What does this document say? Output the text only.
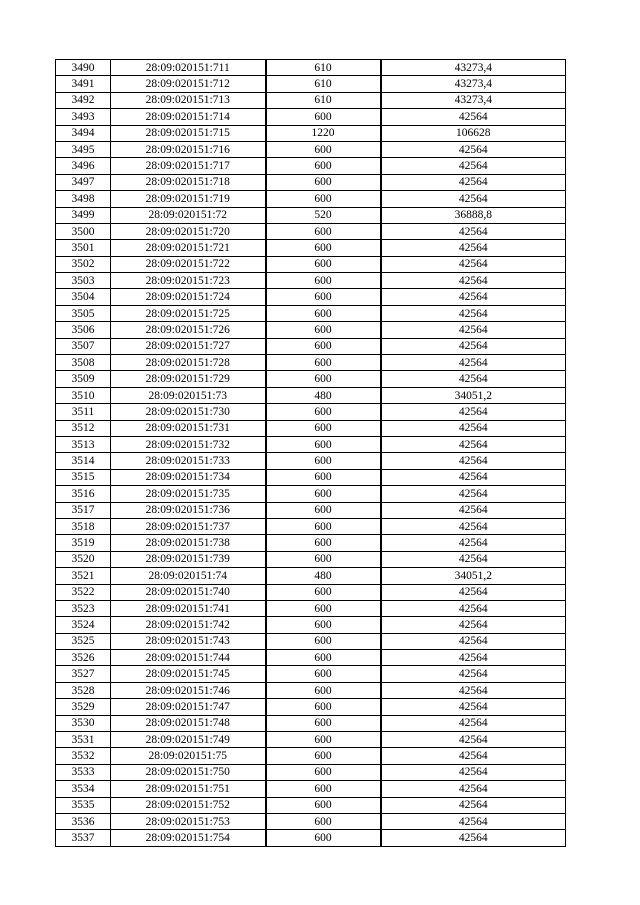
3490	28:09:020151:711	610	43273,4
3491	28:09:020151:712	610	43273,4
3492	28:09:020151:713	610	43273,4
3493	28:09:020151:714	600	42564
3494	28:09:020151:715	1220	106628
3495	28:09:020151:716	600	42564
3496	28:09:020151:717	600	42564
3497	28:09:020151:718	600	42564
3498	28:09:020151:719	600	42564
3499	28:09:020151:72	520	36888,8
3500	28:09:020151:720	600	42564
3501	28:09:020151:721	600	42564
3502	28:09:020151:722	600	42564
3503	28:09:020151:723	600	42564
3504	28:09:020151:724	600	42564
3505	28:09:020151:725	600	42564
3506	28:09:020151:726	600	42564
3507	28:09:020151:727	600	42564
3508	28:09:020151:728	600	42564
3509	28:09:020151:729	600	42564
3510	28:09:020151:73	480	34051,2
3511	28:09:020151:730	600	42564
3512	28:09:020151:731	600	42564
3513	28:09:020151:732	600	42564
3514	28:09:020151:733	600	42564
3515	28:09:020151:734	600	42564
3516	28:09:020151:735	600	42564
3517	28:09:020151:736	600	42564
3518	28:09:020151:737	600	42564
3519	28:09:020151:738	600	42564
3520	28:09:020151:739	600	42564
3521	28:09:020151:74	480	34051,2
3522	28:09:020151:740	600	42564
3523	28:09:020151:741	600	42564
3524	28:09:020151:742	600	42564
3525	28:09:020151:743	600	42564
3526	28:09:020151:744	600	42564
3527	28:09:020151:745	600	42564
3528	28:09:020151:746	600	42564
3529	28:09:020151:747	600	42564
3530	28:09:020151:748	600	42564
3531	28:09:020151:749	600	42564
3532	28:09:020151:75	600	42564
3533	28:09:020151:750	600	42564
3534	28:09:020151:751	600	42564
3535	28:09:020151:752	600	42564
3536	28:09:020151:753	600	42564
3537	28:09:020151:754	600	42564
